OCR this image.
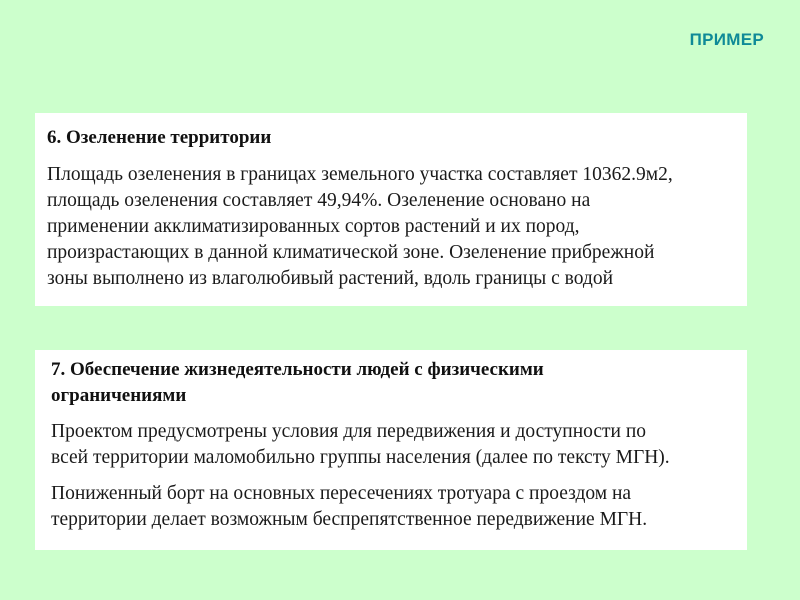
ПРИМЕР
6. Озеленение территории
Площадь озеленения в границах земельного участка составляет 10362.9м2,
площадь озеленения составляет 49,94%. Озеленение основано на
применении акклиматизированных сортов растений и их пород,
произрастающих в данной климатической зоне. Озеленение прибрежной
зоны выполнено из влаголюбивый растений, вдоль границы с водой
7. Обеспечение жизнедеятельности людей с физическими
ограничениями
Проектом предусмотрены условия для передвижения и доступности по
всей территории маломобильно группы населения (далее по тексту МГН).
Пониженный борт на основных пересечениях тротуара с проездом на
территории делает возможным беспрепятственное передвижение МГН.
